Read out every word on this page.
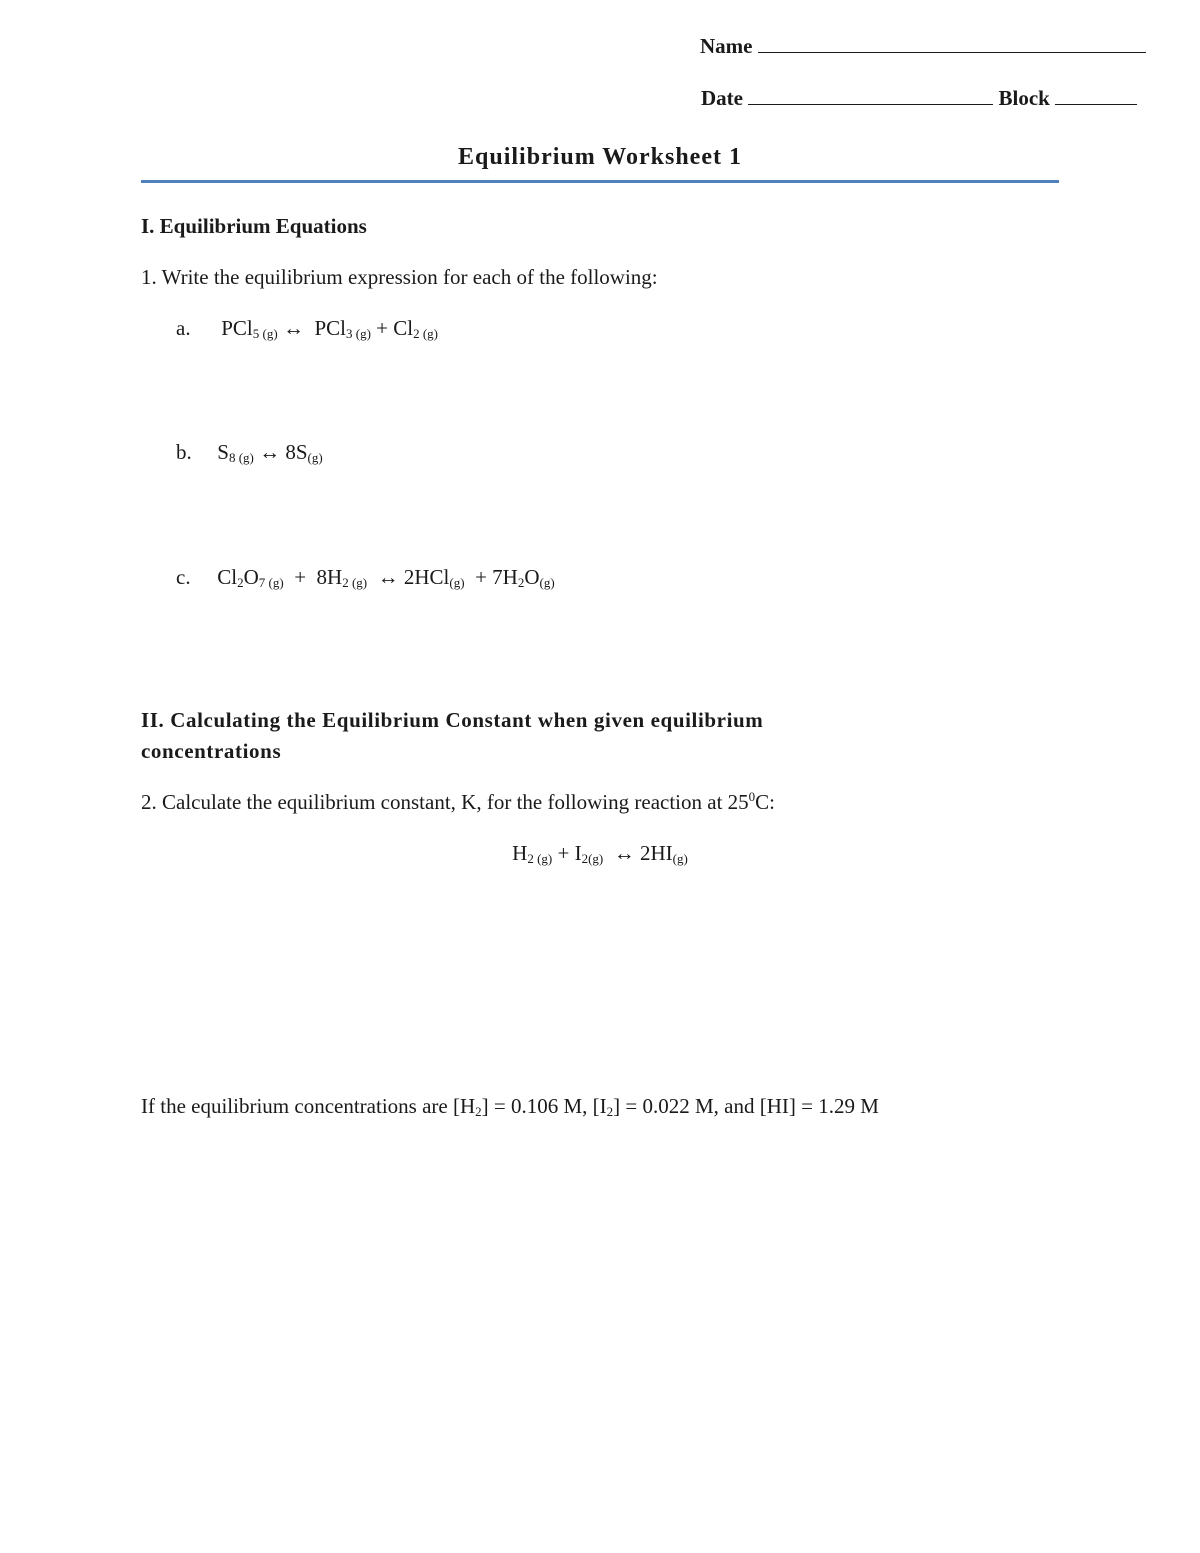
Name
Date	Block
Equilibrium Worksheet 1
I. Equilibrium Equations
1. Write the equilibrium expression for each of the following:
a. PCl$_5$ $_{(g)}$ ↔  PCl$_3$ $_{(g)} + Cl_2$ $_{(g)}$
b. $S_8$ $_{(g)}$ ↔ $8S_{(g)}$
c. $Cl_2O_7$ $_{(g)} + 8H_2$ $_{(g)}$  ↔ $2HCl_{(g)} + 7H_2O_{(g)}$
II. Calculating the Equilibrium Constant when given equilibrium
concentrations
2. Calculate the equilibrium constant, K, for the following reaction at $25^0C$:
$H_2$ $_{(g)} + I_{2(g)}$  ↔ $2HI_{(g)}$
If the equilibrium concentrations are $[H_2] = 0.106$ M, $[I_2] = 0.022$ M, and [HI] = 1.29 M
